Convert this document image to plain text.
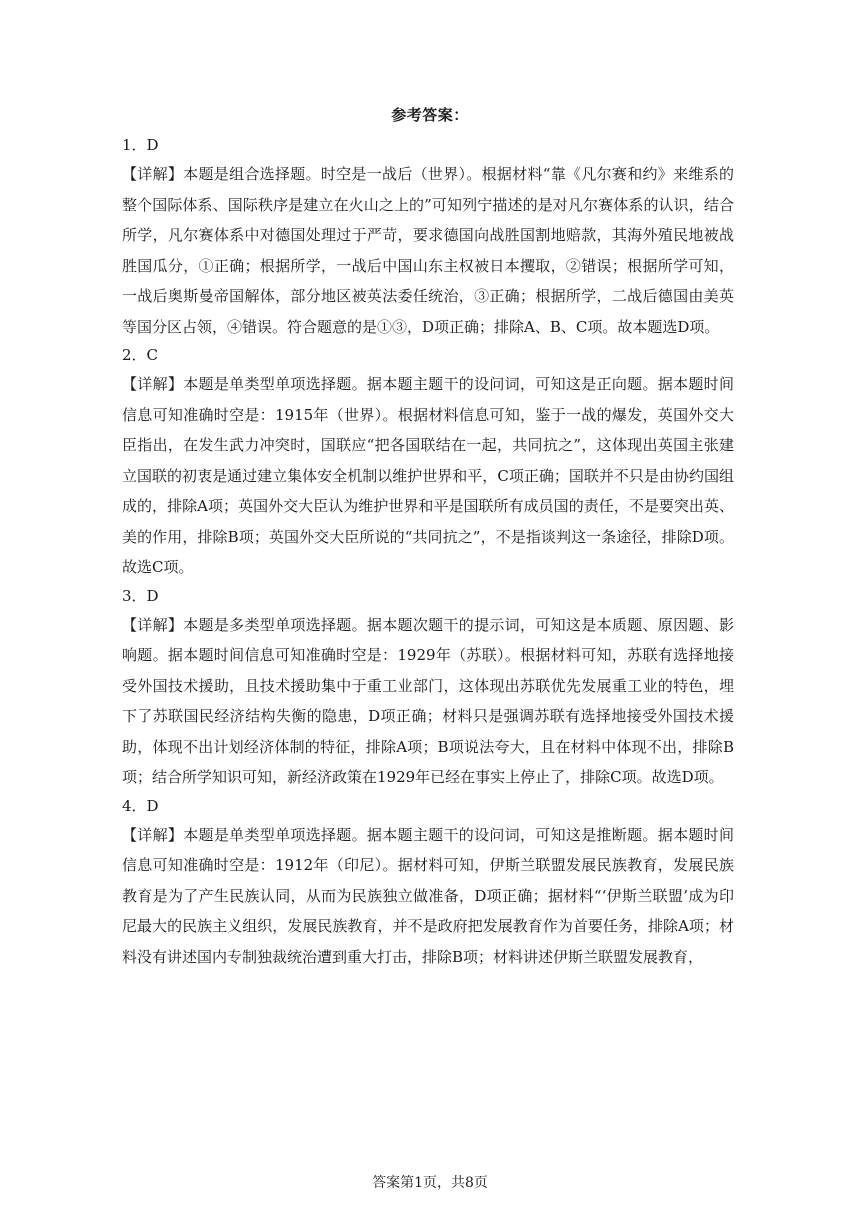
参考答案：

1．D

【详解】本题是组合选择题。时空是一战后（世界）。根据材料“靠《凡尔赛和约》来维系的整个国际体系、国际秩序是建立在火山之上的”可知列宁描述的是对凡尔赛体系的认识，结合所学，凡尔赛体系中对德国处理过于严苛，要求德国向战胜国割地赔款，其海外殖民地被战胜国瓜分，①正确；根据所学，一战后中国山东主权被日本攫取，②错误；根据所学可知，一战后奥斯曼帝国解体，部分地区被英法委任统治，③正确；根据所学，二战后德国由美英等国分区占领，④错误。符合题意的是①③，D项正确；排除A、B、C项。故本题选D项。

2．C

【详解】本题是单类型单项选择题。据本题主题干的设问词，可知这是正向题。据本题时间信息可知准确时空是：1915年（世界）。根据材料信息可知，鉴于一战的爆发，英国外交大臣指出，在发生武力冲突时，国联应“把各国联结在一起，共同抗之”，这体现出英国主张建立国联的初衷是通过建立集体安全机制以维护世界和平，C项正确；国联并不只是由协约国组成的，排除A项；英国外交大臣认为维护世界和平是国联所有成员国的责任，不是要突出英、美的作用，排除B项；英国外交大臣所说的“共同抗之”，不是指谈判这一条途径，排除D项。故选C项。

3．D

【详解】本题是多类型单项选择题。据本题次题干的提示词，可知这是本质题、原因题、影响题。据本题时间信息可知准确时空是：1929年（苏联）。根据材料可知，苏联有选择地接受外国技术援助，且技术援助集中于重工业部门，这体现出苏联优先发展重工业的特色，埋下了苏联国民经济结构失衡的隐患，D项正确；材料只是强调苏联有选择地接受外国技术援助，体现不出计划经济体制的特征，排除A项；B项说法夸大，且在材料中体现不出，排除B项；结合所学知识可知，新经济政策在1929年已经在事实上停止了，排除C项。故选D项。

4．D

【详解】本题是单类型单项选择题。据本题主题干的设问词，可知这是推断题。据本题时间信息可知准确时空是：1912年（印尼）。据材料可知，伊斯兰联盟发展民族教育，发展民族教育是为了产生民族认同，从而为民族独立做准备，D项正确；据材料“‘伊斯兰联盟’成为印尼最大的民族主义组织，发展民族教育，并不是政府把发展教育作为首要任务，排除A项；材料没有讲述国内专制独裁统治遭到重大打击，排除B项；材料讲述伊斯兰联盟发展教育，

答案第1页，共8页
